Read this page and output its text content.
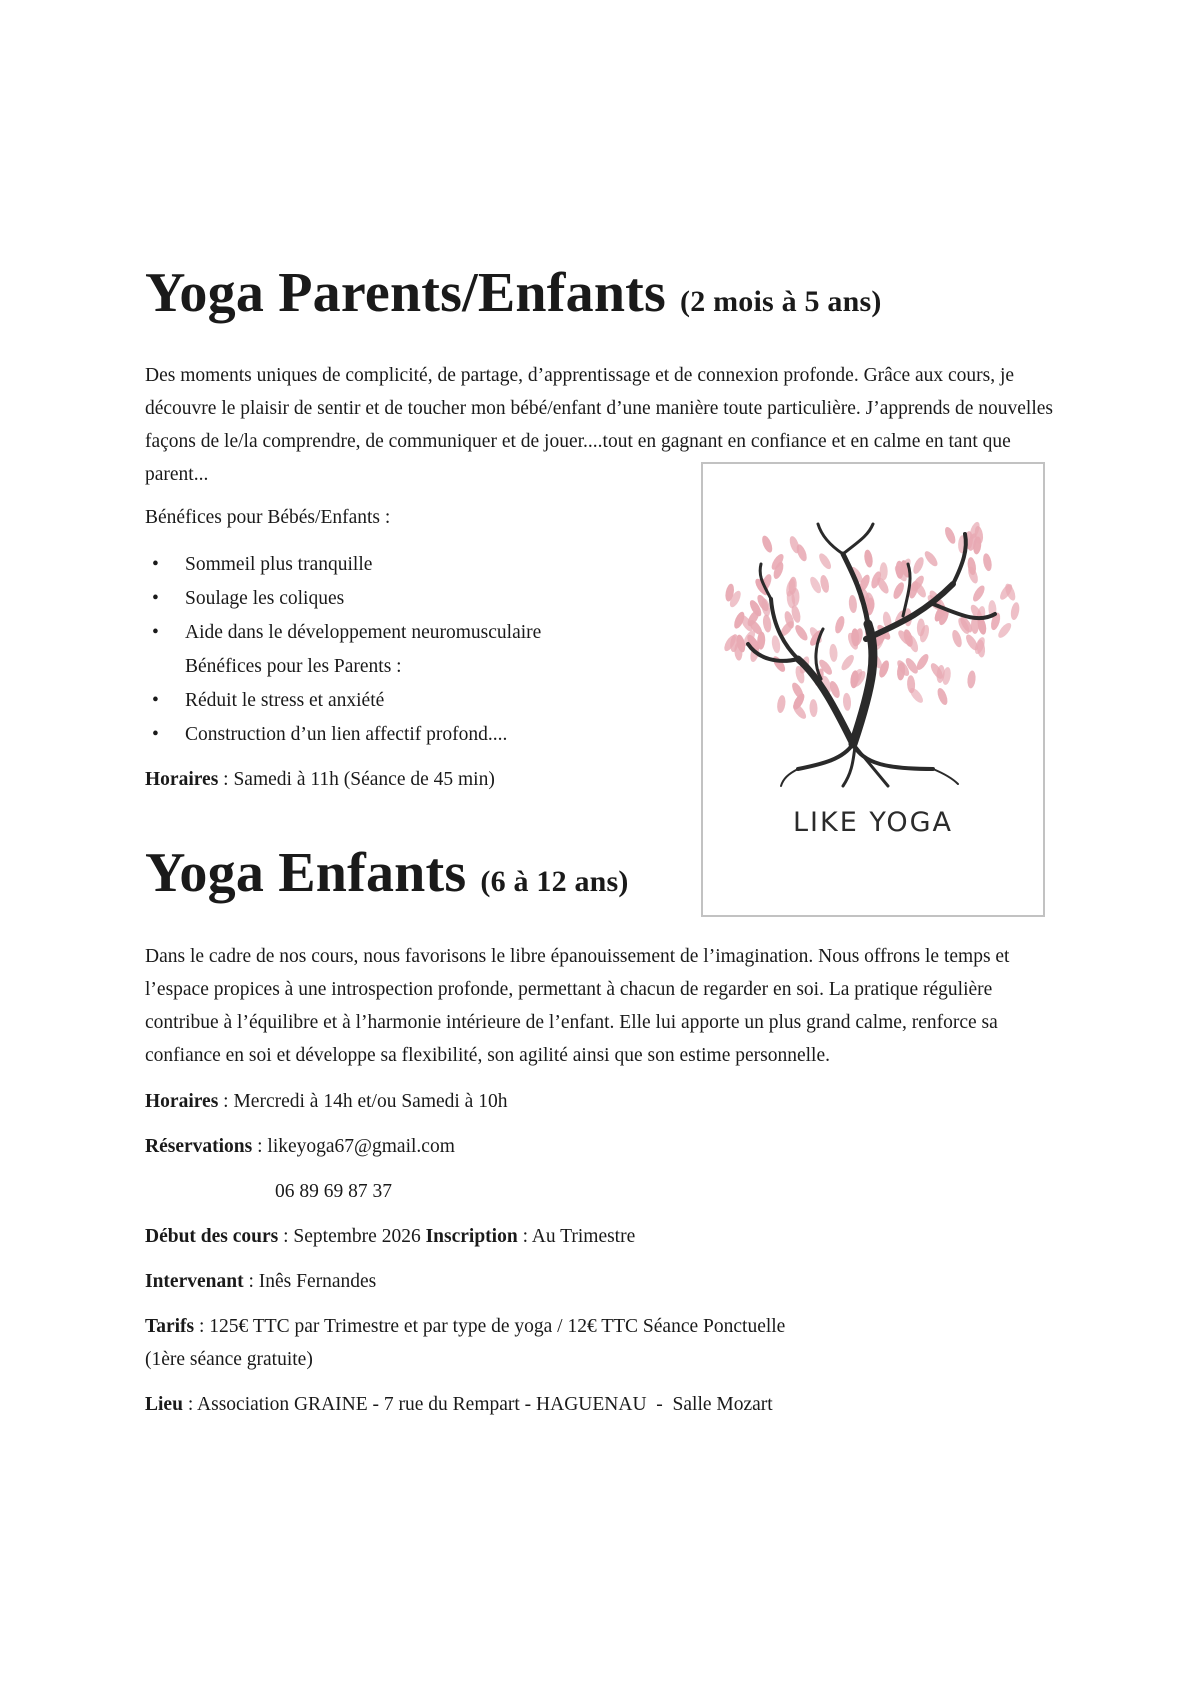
Yoga Parents/Enfants (2 mois à 5 ans)

Des moments uniques de complicité, de partage, d’apprentissage et de connexion profonde. Grâce aux cours, je découvre le plaisir de sentir et de toucher mon bébé/enfant d’une manière toute particulière. J’apprends de nouvelles façons de le/la comprendre, de communiquer et de jouer....tout en gagnant en confiance et en calme en tant que parent...

Bénéfices pour Bébés/Enfants :

• Sommeil plus tranquille
• Soulage les coliques
• Aide dans le développement neuromusculaire
Bénéfices pour les Parents :
• Réduit le stress et anxiété
• Construction d’un lien affectif profond....

Horaires : Samedi à 11h (Séance de 45 min)

LIKE YOGA
Yoga Enfants (6 à 12 ans)

Dans le cadre de nos cours, nous favorisons le libre épanouissement de l’imagination. Nous offrons le temps et l’espace propices à une introspection profonde, permettant à chacun de regarder en soi. La pratique régulière contribue à l’équilibre et à l’harmonie intérieure de l’enfant. Elle lui apporte un plus grand calme, renforce sa confiance en soi et développe sa flexibilité, son agilité ainsi que son estime personnelle.

Horaires : Mercredi à 14h et/ou Samedi à 10h

Réservations : likeyoga67@gmail.com

06 89 69 87 37

Début des cours : Septembre 2026 Inscription : Au Trimestre

Intervenant : Inês Fernandes

Tarifs : 125€ TTC par Trimestre et par type de yoga / 12€ TTC Séance Ponctuelle

(1ère séance gratuite)

Lieu : Association GRAINE - 7 rue du Rempart - HAGUENAU  -  Salle Mozart
